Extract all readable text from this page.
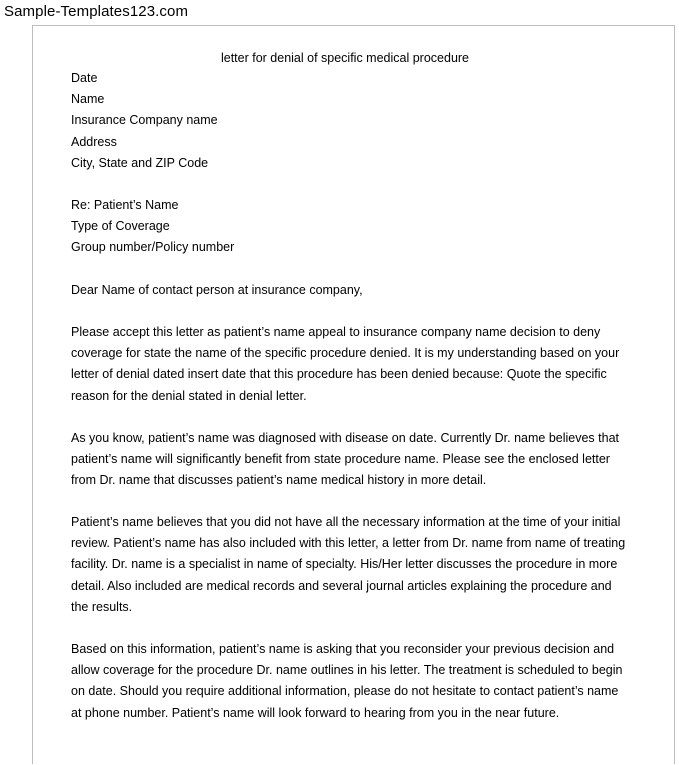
Sample-Templates123.com
letter for denial of specific medical procedure
Date
Name
Insurance Company name
Address
City, State and ZIP Code
Re: Patient’s Name
Type of Coverage
Group number/Policy number
Dear Name of contact person at insurance company,
Please accept this letter as patient’s name appeal to insurance company name decision to deny coverage for state the name of the specific procedure denied. It is my understanding based on your letter of denial dated insert date that this procedure has been denied because: Quote the specific reason for the denial stated in denial letter.
As you know, patient’s name was diagnosed with disease on date. Currently Dr. name believes that patient’s name will significantly benefit from state procedure name. Please see the enclosed letter from Dr. name that discusses patient’s name medical history in more detail.
Patient’s name believes that you did not have all the necessary information at the time of your initial review. Patient’s name has also included with this letter, a letter from Dr. name from name of treating facility. Dr. name is a specialist in name of specialty. His/Her letter discusses the procedure in more detail. Also included are medical records and several journal articles explaining the procedure and the results.
Based on this information, patient’s name is asking that you reconsider your previous decision and allow coverage for the procedure Dr. name outlines in his letter. The treatment is scheduled to begin on date. Should you require additional information, please do not hesitate to contact patient’s name at phone number. Patient’s name will look forward to hearing from you in the near future.
